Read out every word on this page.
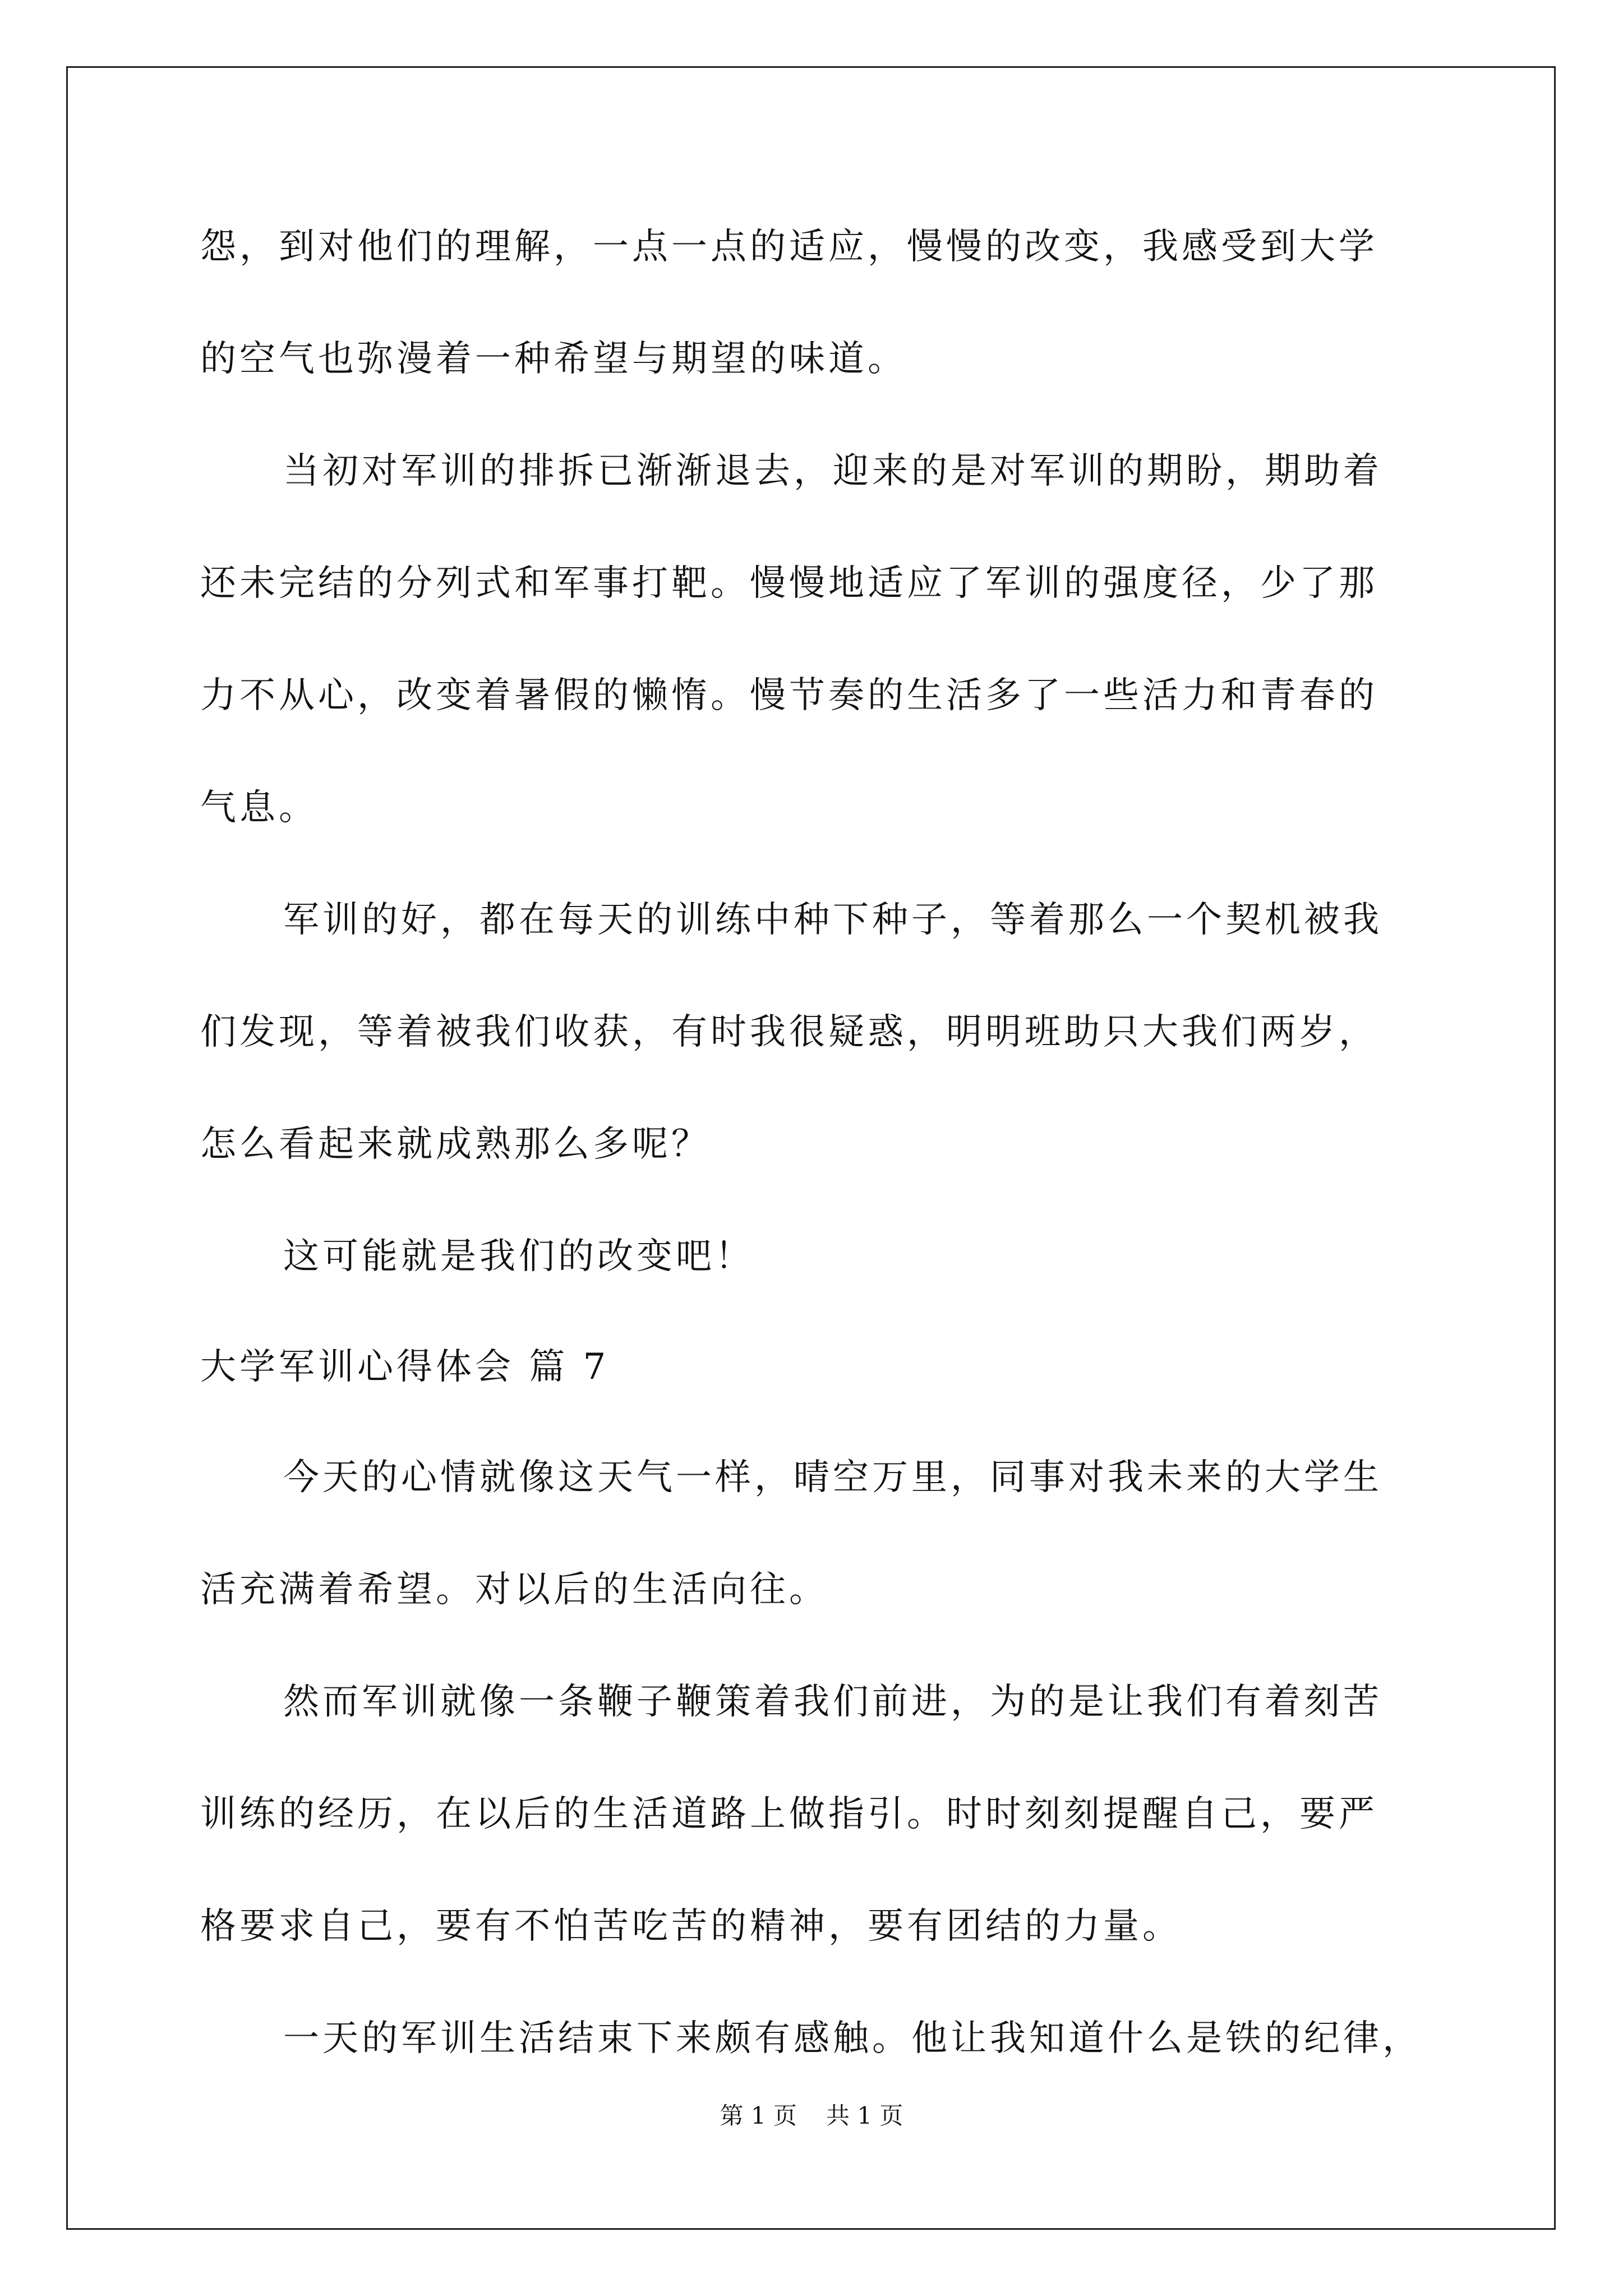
怨，到对他们的理解，一点一点的适应，慢慢的改变，我感受到大学
的空气也弥漫着一种希望与期望的味道。
当初对军训的排拆已渐渐退去，迎来的是对军训的期盼，期助着
还未完结的分列式和军事打靶。慢慢地适应了军训的强度径，少了那
力不从心，改变着暑假的懒惰。慢节奏的生活多了一些活力和青春的
气息。
军训的好，都在每天的训练中种下种子，等着那么一个契机被我
们发现，等着被我们收获，有时我很疑惑，明明班助只大我们两岁，
怎么看起来就成熟那么多呢？
这可能就是我们的改变吧！
大学军训心得体会 篇 7
今天的心情就像这天气一样，晴空万里，同事对我未来的大学生
活充满着希望。对以后的生活向往。
然而军训就像一条鞭子鞭策着我们前进，为的是让我们有着刻苦
训练的经历，在以后的生活道路上做指引。时时刻刻提醒自己，要严
格要求自己，要有不怕苦吃苦的精神，要有团结的力量。
一天的军训生活结束下来颇有感触。他让我知道什么是铁的纪律，
第 1 页 共 1 页
